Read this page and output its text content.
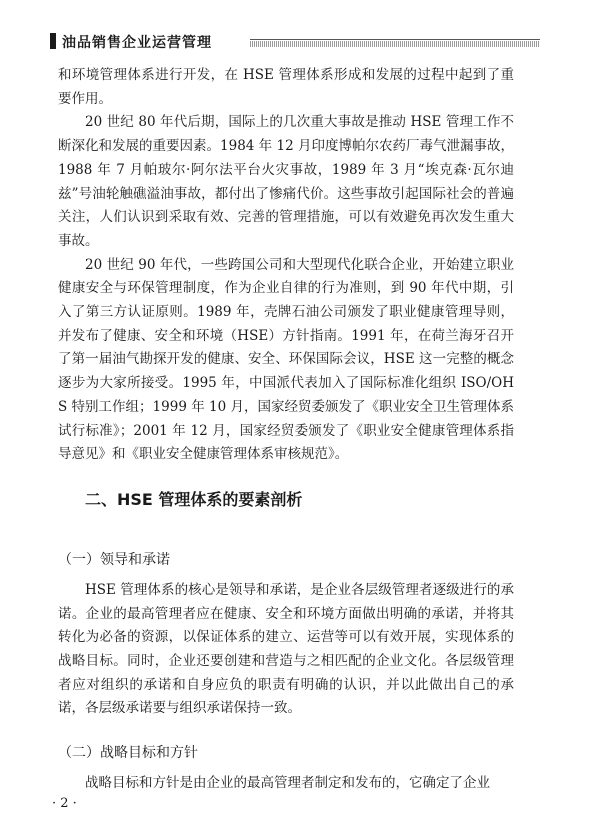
油品销售企业运营管理

和环境管理体系进行开发，在 HSE 管理体系形成和发展的过程中起到了重要作用。

20 世纪 80 年代后期，国际上的几次重大事故是推动 HSE 管理工作不断深化和发展的重要因素。1984 年 12 月印度博帕尔农药厂毒气泄漏事故，1988 年 7 月帕玻尔·阿尔法平台火灾事故，1989 年 3 月“埃克森·瓦尔迪兹”号油轮触礁溢油事故，都付出了惨痛代价。这些事故引起国际社会的普遍关注，人们认识到采取有效、完善的管理措施，可以有效避免再次发生重大事故。

20 世纪 90 年代，一些跨国公司和大型现代化联合企业，开始建立职业健康安全与环保管理制度，作为企业自律的行为准则，到 90 年代中期，引入了第三方认证原则。1989 年，壳牌石油公司颁发了职业健康管理导则，并发布了健康、安全和环境（HSE）方针指南。1991 年，在荷兰海牙召开了第一届油气勘探开发的健康、安全、环保国际会议，HSE 这一完整的概念逐步为大家所接受。1995 年，中国派代表加入了国际标准化组织 ISO/OHS 特别工作组；1999 年 10 月，国家经贸委颁发了《职业安全卫生管理体系试行标准》；2001 年 12 月，国家经贸委颁发了《职业安全健康管理体系指导意见》和《职业安全健康管理体系审核规范》。

二、HSE 管理体系的要素剖析
（一）领导和承诺

HSE 管理体系的核心是领导和承诺，是企业各层级管理者逐级进行的承诺。企业的最高管理者应在健康、安全和环境方面做出明确的承诺，并将其转化为必备的资源，以保证体系的建立、运营等可以有效开展，实现体系的战略目标。同时，企业还要创建和营造与之相匹配的企业文化。各层级管理者应对组织的承诺和自身应负的职责有明确的认识，并以此做出自己的承诺，各层级承诺要与组织承诺保持一致。

（二）战略目标和方针

战略目标和方针是由企业的最高管理者制定和发布的，它确定了企业

· 2 ·
